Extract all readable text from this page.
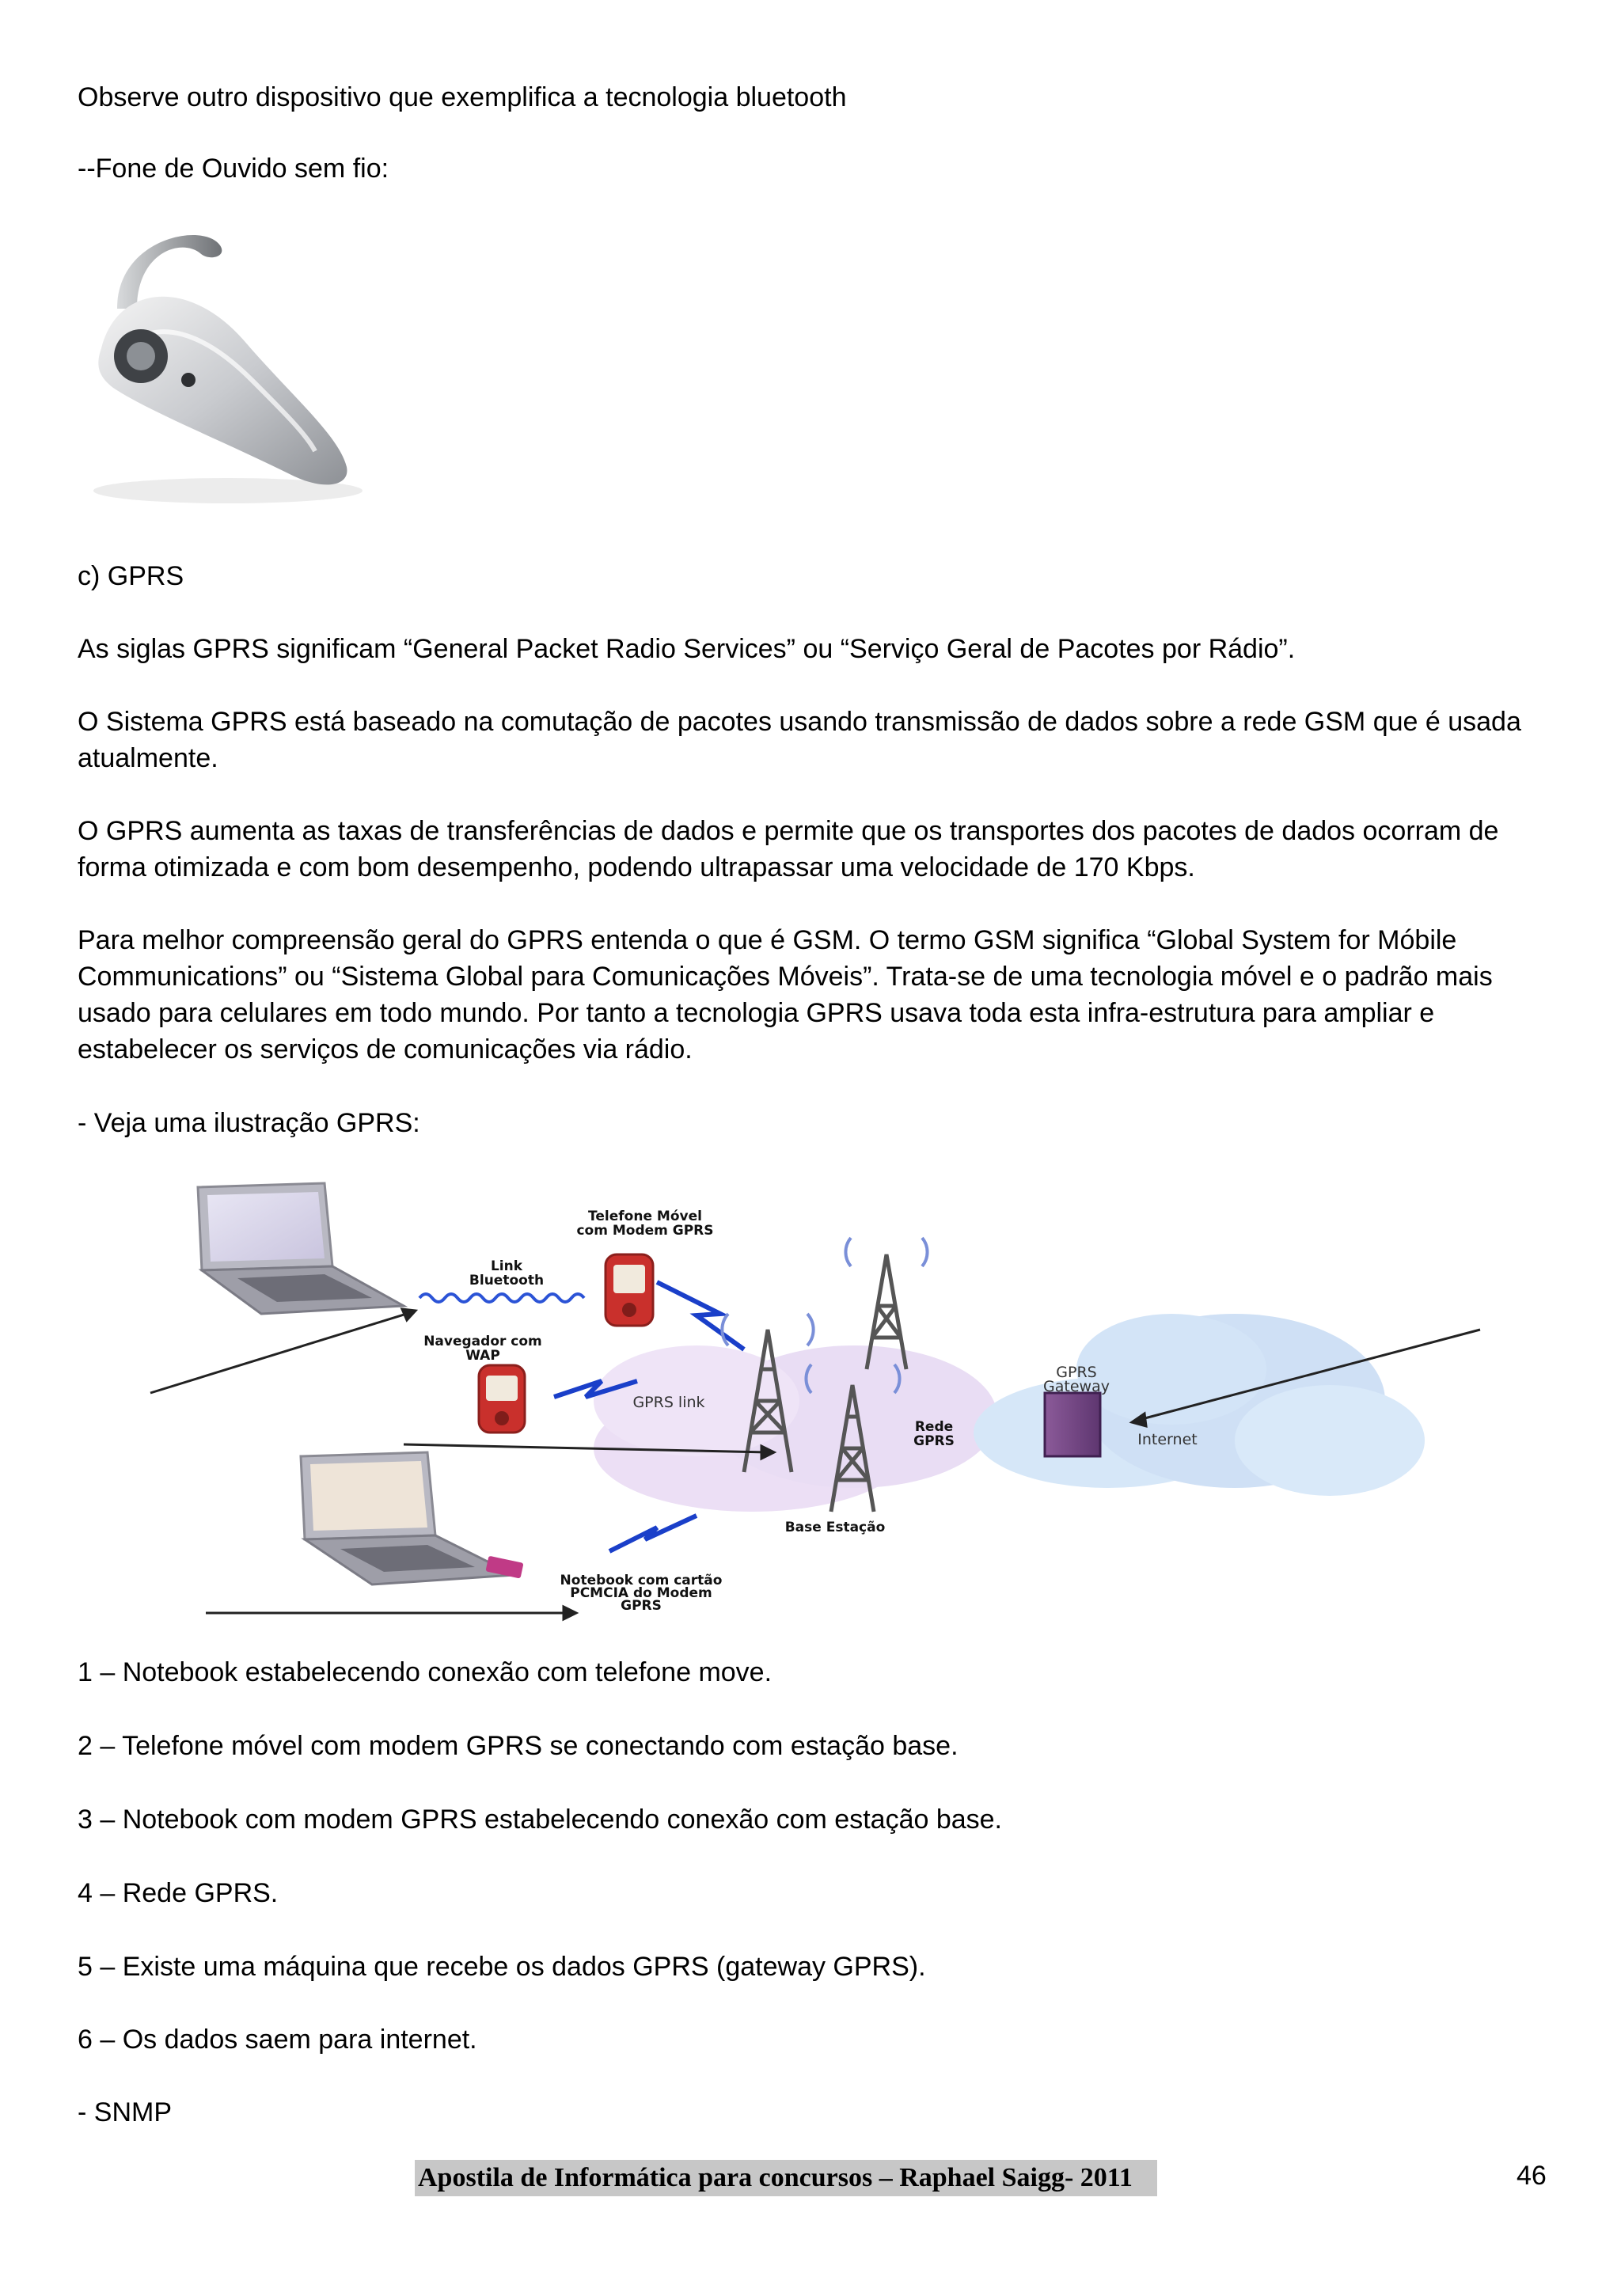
Observe outro dispositivo que exemplifica a tecnologia bluetooth

--Fone de Ouvido sem fio:

c) GPRS

As siglas GPRS significam “General Packet Radio Services” ou “Serviço Geral de Pacotes por Rádio”.

O Sistema GPRS está baseado na comutação de pacotes usando transmissão de dados sobre a rede GSM que é usada atualmente.

O GPRS aumenta as taxas de transferências de dados e permite que os transportes dos pacotes de dados ocorram de forma otimizada e com bom desempenho, podendo ultrapassar uma velocidade de 170 Kbps.

Para melhor compreensão geral do GPRS entenda o que é GSM. O termo GSM significa “Global System for Móbile Communications” ou “Sistema Global para Comunicações Móveis”. Trata-se de uma tecnologia móvel e o padrão mais usado para celulares em todo mundo. Por tanto a tecnologia GPRS usava toda esta infra-estrutura para ampliar e estabelecer os serviços de comunicações via rádio.

- Veja uma ilustração GPRS:

Telefone Móvel
com Modem GPRS
Link
Bluetooth
Navegador com
WAP
Rede
GPRS
Base Estação
Notebook com cartão
PCMCIA do Modem
GPRS
GPRS link
GPRS
Gateway
Internet

1 – Notebook estabelecendo conexão com telefone move.

2 – Telefone móvel com modem GPRS se conectando com estação base.

3 – Notebook com modem GPRS estabelecendo conexão com estação base.

4 – Rede GPRS.

5 – Existe uma máquina que recebe os dados GPRS (gateway GPRS).

6 – Os dados saem para internet.

- SNMP

Apostila de Informática para concursos – Raphael Saigg- 2011	46
